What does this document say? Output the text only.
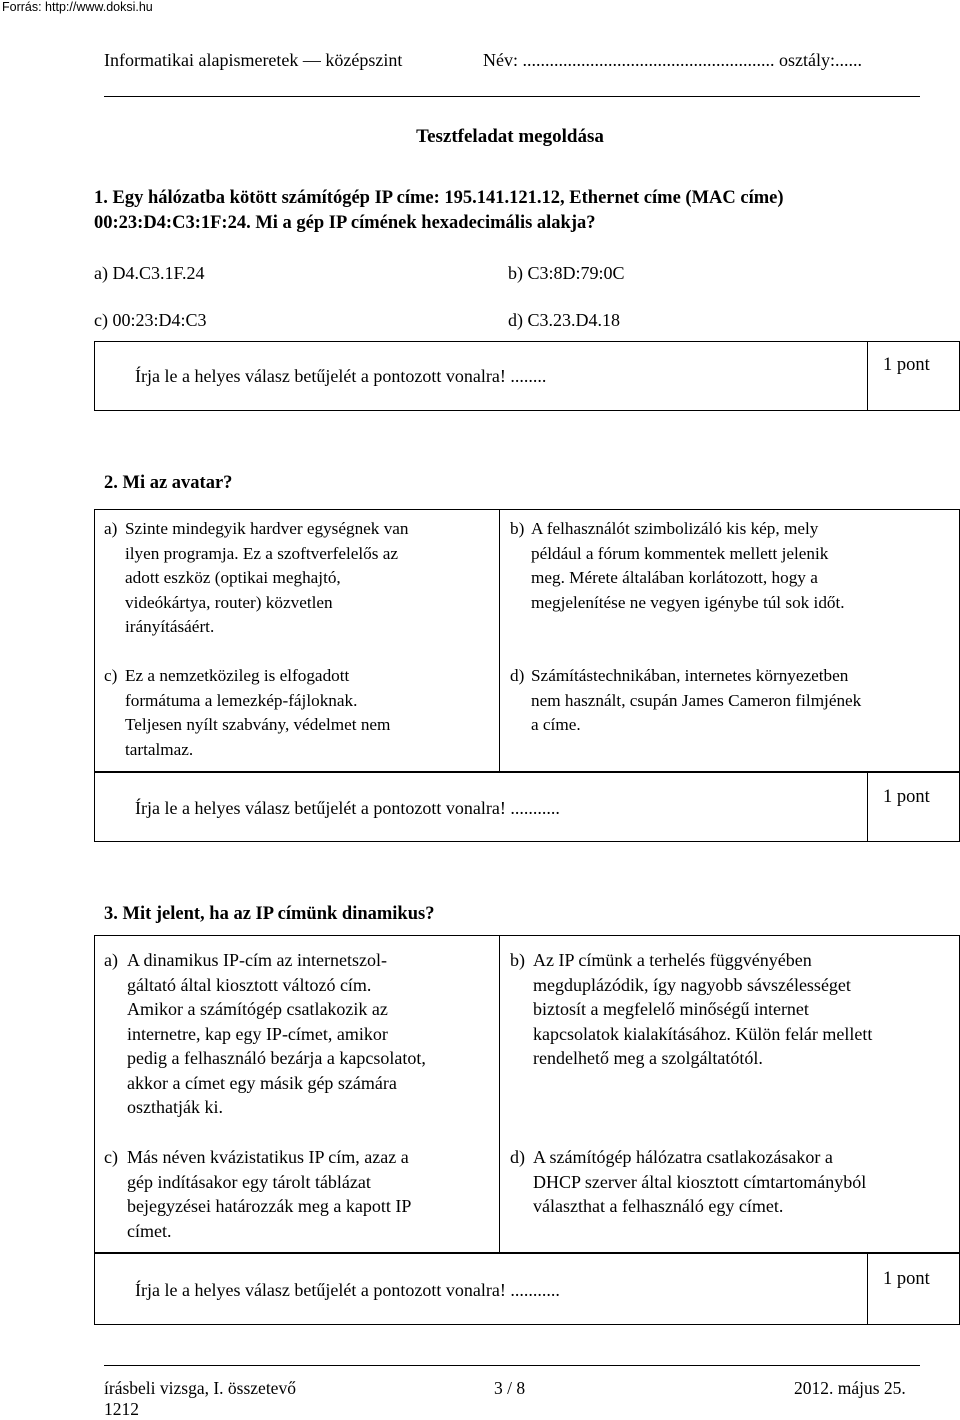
Forrás: http://www.doksi.hu
Informatikai alapismeretek — középszint	Név: ........................................................ osztály:......
Tesztfeladat megoldása
1. Egy hálózatba kötött számítógép IP címe: 195.141.121.12, Ethernet címe (MAC címe)
00:23:D4:C3:1F:24. Mi a gép IP címének hexadecimális alakja?
a) D4.C3.1F.24	b) C3:8D:79:0C
c) 00:23:D4:C3	d) C3.23.D4.18
Írja le a helyes válasz betűjelét a pontozott vonalra! ........
1 pont
2. Mi az avatar?
a) Szinte mindegyik hardver egységnek van
ilyen programja. Ez a szoftverfelelős az
adott eszköz (optikai meghajtó,
videókártya, router) közvetlen
irányításáért.
b) A felhasználót szimbolizáló kis kép, mely
például a fórum kommentek mellett jelenik
meg. Mérete általában korlátozott, hogy a
megjelenítése ne vegyen igénybe túl sok időt.
c) Ez a nemzetközileg is elfogadott
formátuma a lemezkép-fájloknak.
Teljesen nyílt szabvány, védelmet nem
tartalmaz.
d) Számítástechnikában, internetes környezetben
nem használt, csupán James Cameron filmjének
a címe.
Írja le a helyes válasz betűjelét a pontozott vonalra! ...........
1 pont
3. Mit jelent, ha az IP címünk dinamikus?
a) A dinamikus IP-cím az internetszol-
gáltató által kiosztott változó cím.
Amikor a számítógép csatlakozik az
internetre, kap egy IP-címet, amikor
pedig a felhasználó bezárja a kapcsolatot,
akkor a címet egy másik gép számára
oszthatják ki.
b) Az IP címünk a terhelés függvényében
megduplázódik, így nagyobb sávszélességet
biztosít a megfelelő minőségű internet
kapcsolatok kialakításához. Külön felár mellett
rendelhető meg a szolgáltatótól.
c) Más néven kvázistatikus IP cím, azaz a
gép indításakor egy tárolt táblázat
bejegyzései határozzák meg a kapott IP
címet.
d) A számítógép hálózatra csatlakozásakor a
DHCP szerver által kiosztott címtartományból
választhat a felhasználó egy címet.
Írja le a helyes válasz betűjelét a pontozott vonalra! ...........
1 pont
írásbeli vizsga, I. összetevő
1212
3 / 8	2012. május 25.
